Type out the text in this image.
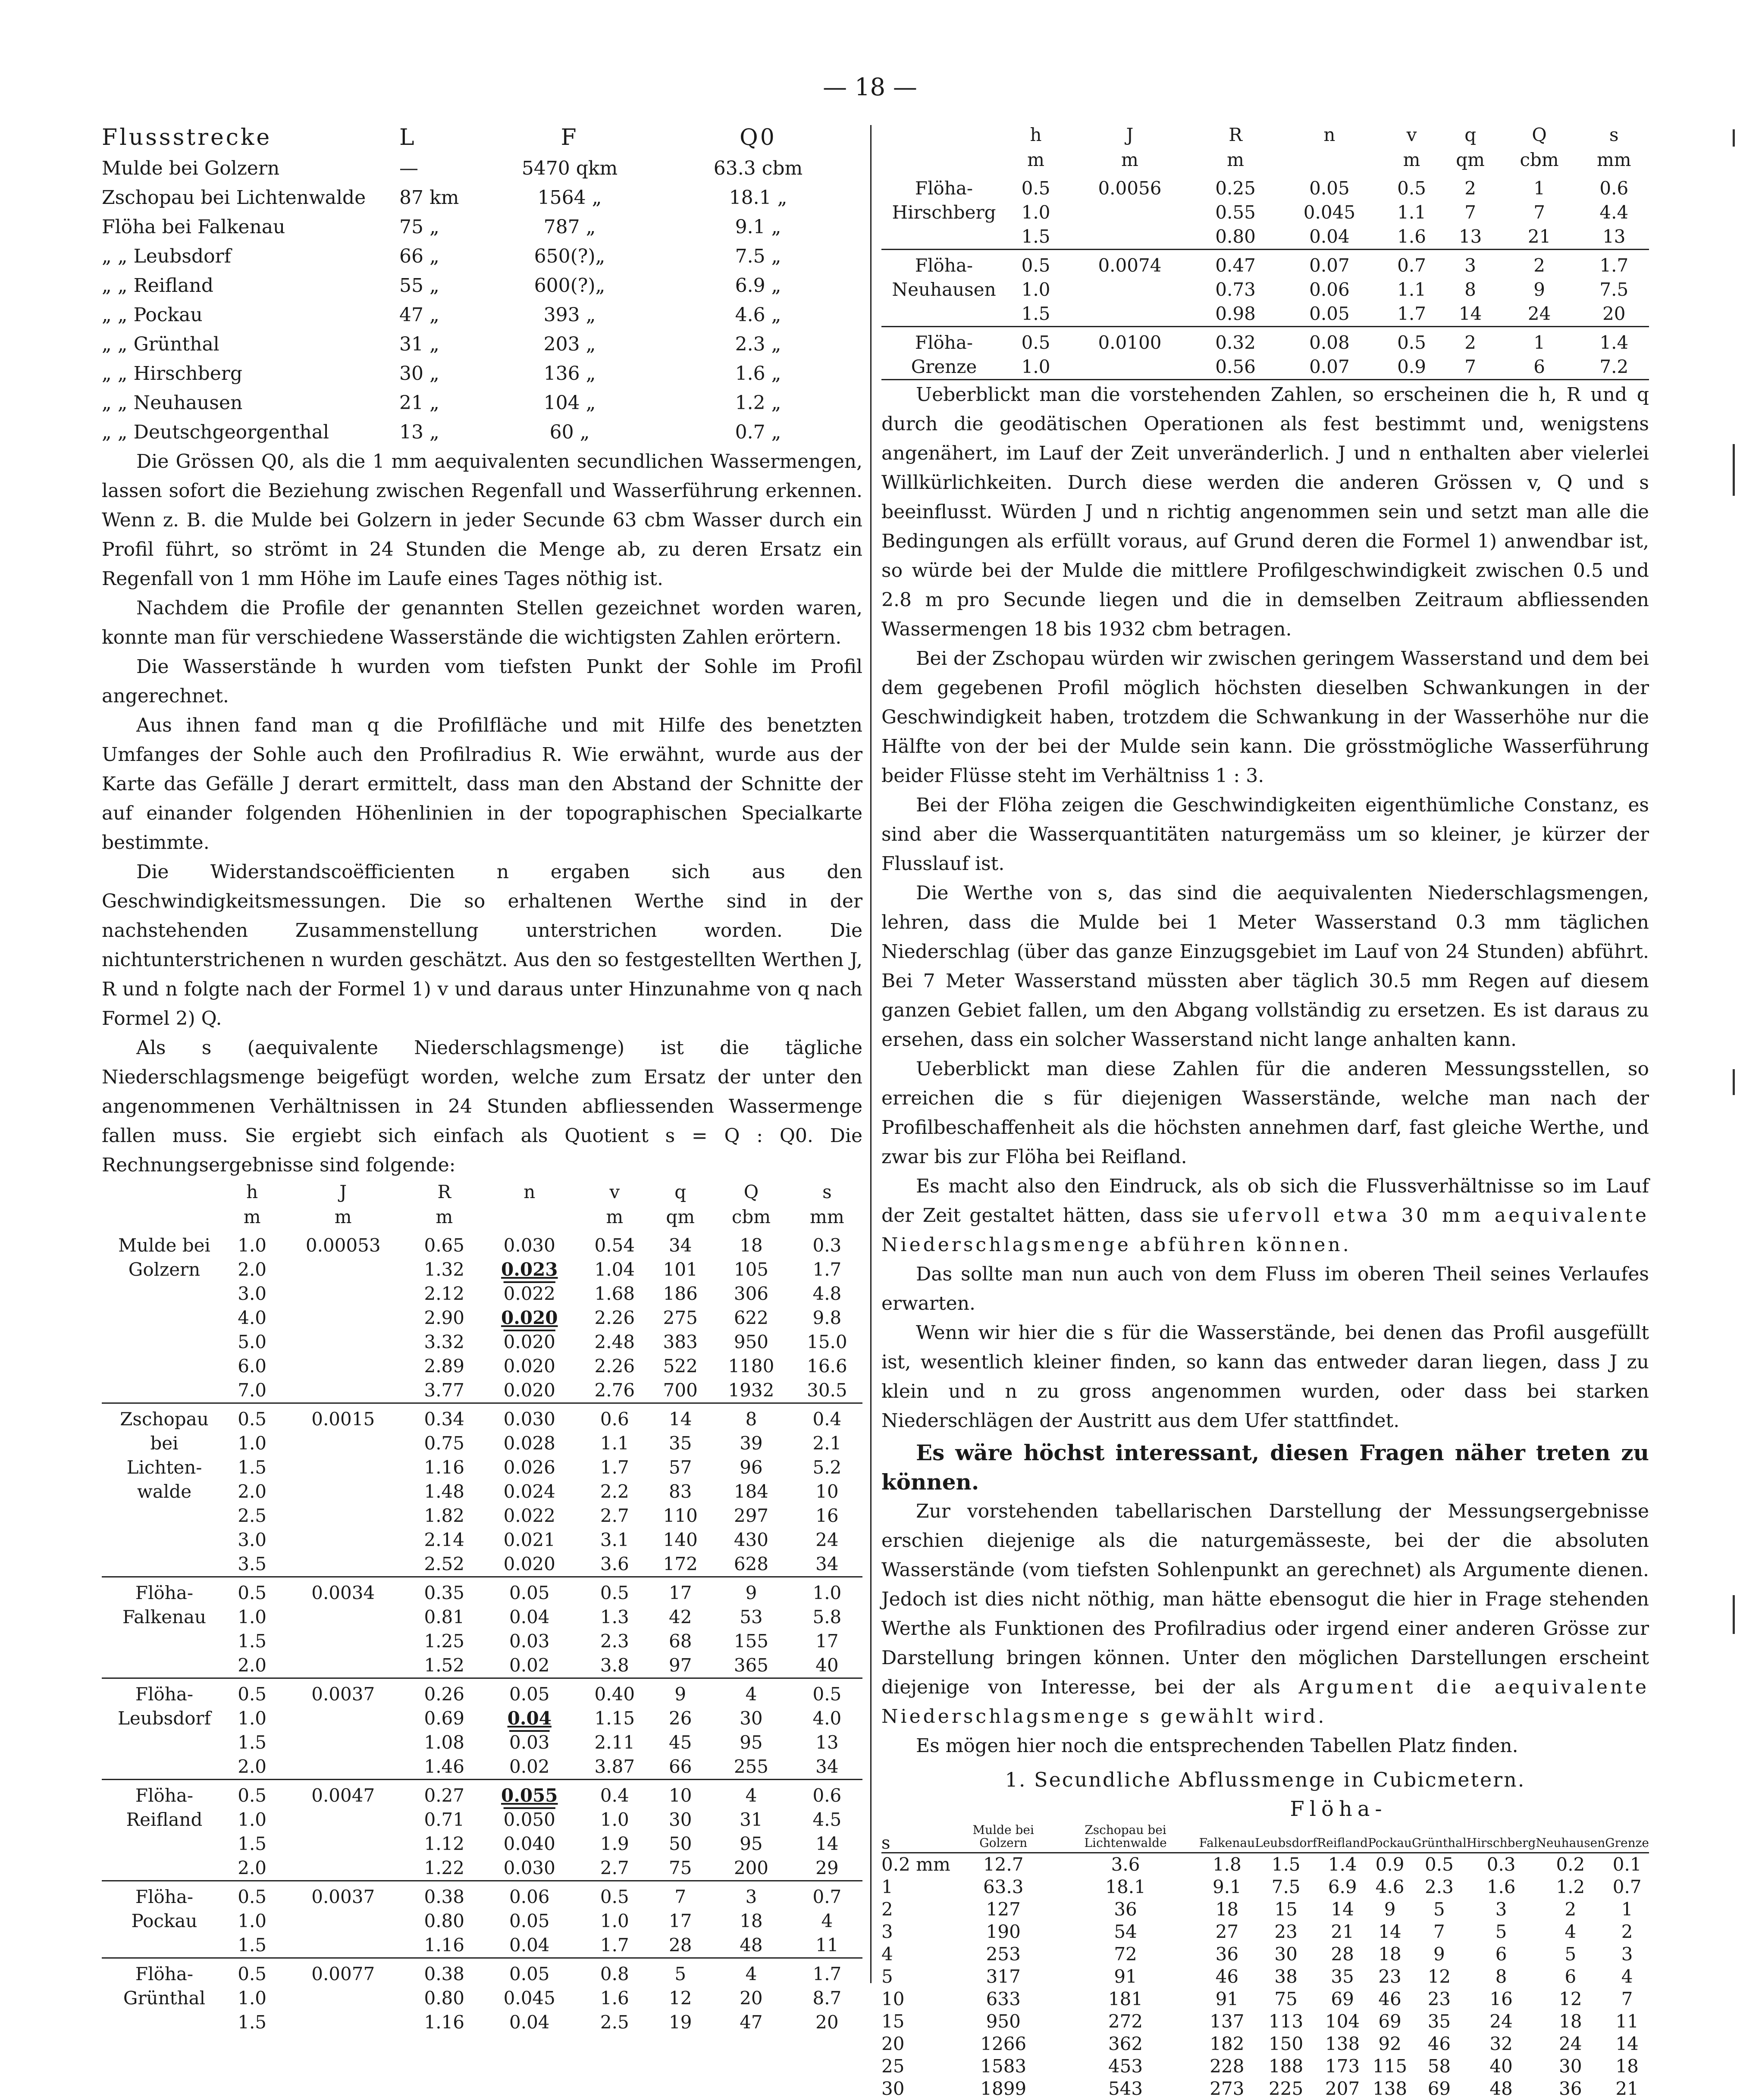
— 18 —
Flussstrecke	L	F	Q0
Mulde bei Golzern	—	5470 qkm	63.3 cbm
Zschopau bei Lichtenwalde	87 km	1564 „	18.1 „
Flöha bei Falkenau	75 „	787 „	9.1 „
„ „ Leubsdorf	66 „	650(?)„	7.5 „
„ „ Reifland	55 „	600(?)„	6.9 „
„ „ Pockau	47 „	393 „	4.6 „
„ „ Grünthal	31 „	203 „	2.3 „
„ „ Hirschberg	30 „	136 „	1.6 „
„ „ Neuhausen	21 „	104 „	1.2 „
„ „ Deutschgeorgenthal	13 „	60 „	0.7 „

Die Grössen Q0, als die 1 mm aequivalenten secundlichen Wassermengen, lassen sofort die Beziehung zwischen Regenfall und Wasserführung erkennen. Wenn z. B. die Mulde bei Golzern in jeder Secunde 63 cbm Wasser durch ein Profil führt, so strömt in 24 Stunden die Menge ab, zu deren Ersatz ein Regenfall von 1 mm Höhe im Laufe eines Tages nöthig ist.

Nachdem die Profile der genannten Stellen gezeichnet worden waren, konnte man für verschiedene Wasserstände die wichtigsten Zahlen erörtern.

Die Wasserstände h wurden vom tiefsten Punkt der Sohle im Profil angerechnet.

Aus ihnen fand man q die Profilfläche und mit Hilfe des benetzten Umfanges der Sohle auch den Profilradius R. Wie erwähnt, wurde aus der Karte das Gefälle J derart ermittelt, dass man den Abstand der Schnitte der auf einander folgenden Höhenlinien in der topographischen Specialkarte bestimmte.

Die Widerstandscoëfficienten n ergaben sich aus den Geschwindigkeitsmessungen. Die so erhaltenen Werthe sind in der nachstehenden Zusammenstellung unterstrichen worden. Die nichtunterstrichenen n wurden geschätzt. Aus den so festgestellten Werthen J, R und n folgte nach der Formel 1) v und daraus unter Hinzunahme von q nach Formel 2) Q.

Als s (aequivalente Niederschlagsmenge) ist die tägliche Niederschlagsmenge beigefügt worden, welche zum Ersatz der unter den angenommenen Verhältnissen in 24 Stunden abfliessenden Wassermenge fallen muss. Sie ergiebt sich einfach als Quotient s = Q : Q0. Die Rechnungsergebnisse sind folgende:

	h	J	R	n	v	q	Q	s
	m	m	m		m	qm	cbm	mm
Mulde bei	1.0	0.00053	0.65	0.030	0.54	34	18	0.3
Golzern	2.0		1.32	0.023	1.04	101	105	1.7
	3.0		2.12	0.022	1.68	186	306	4.8
	4.0		2.90	0.020	2.26	275	622	9.8
	5.0		3.32	0.020	2.48	383	950	15.0
	6.0		2.89	0.020	2.26	522	1180	16.6
	7.0		3.77	0.020	2.76	700	1932	30.5
Zschopau	0.5	0.0015	0.34	0.030	0.6	14	8	0.4
bei	1.0		0.75	0.028	1.1	35	39	2.1
Lichten-	1.5		1.16	0.026	1.7	57	96	5.2
walde	2.0		1.48	0.024	2.2	83	184	10
	2.5		1.82	0.022	2.7	110	297	16
	3.0		2.14	0.021	3.1	140	430	24
	3.5		2.52	0.020	3.6	172	628	34
Flöha-	0.5	0.0034	0.35	0.05	0.5	17	9	1.0
Falkenau	1.0		0.81	0.04	1.3	42	53	5.8
	1.5		1.25	0.03	2.3	68	155	17
	2.0		1.52	0.02	3.8	97	365	40
Flöha-	0.5	0.0037	0.26	0.05	0.40	9	4	0.5
Leubsdorf	1.0		0.69	0.04	1.15	26	30	4.0
	1.5		1.08	0.03	2.11	45	95	13
	2.0		1.46	0.02	3.87	66	255	34
Flöha-	0.5	0.0047	0.27	0.055	0.4	10	4	0.6
Reifland	1.0		0.71	0.050	1.0	30	31	4.5
	1.5		1.12	0.040	1.9	50	95	14
	2.0		1.22	0.030	2.7	75	200	29
Flöha-	0.5	0.0037	0.38	0.06	0.5	7	3	0.7
Pockau	1.0		0.80	0.05	1.0	17	18	4
	1.5		1.16	0.04	1.7	28	48	11
Flöha-	0.5	0.0077	0.38	0.05	0.8	5	4	1.7
Grünthal	1.0		0.80	0.045	1.6	12	20	8.7
	1.5		1.16	0.04	2.5	19	47	20
	h	J	R	n	v	q	Q	s
	m	m	m		m	qm	cbm	mm
Flöha-	0.5	0.0056	0.25	0.05	0.5	2	1	0.6
Hirschberg	1.0		0.55	0.045	1.1	7	7	4.4
	1.5		0.80	0.04	1.6	13	21	13
Flöha-	0.5	0.0074	0.47	0.07	0.7	3	2	1.7
Neuhausen	1.0		0.73	0.06	1.1	8	9	7.5
	1.5		0.98	0.05	1.7	14	24	20
Flöha-	0.5	0.0100	0.32	0.08	0.5	2	1	1.4
Grenze	1.0		0.56	0.07	0.9	7	6	7.2

Ueberblickt man die vorstehenden Zahlen, so erscheinen die h, R und q durch die geodätischen Operationen als fest bestimmt und, wenigstens angenähert, im Lauf der Zeit unveränderlich. J und n enthalten aber vielerlei Willkürlichkeiten. Durch diese werden die anderen Grössen v, Q und s beeinflusst. Würden J und n richtig angenommen sein und setzt man alle die Bedingungen als erfüllt voraus, auf Grund deren die Formel 1) anwendbar ist, so würde bei der Mulde die mittlere Profilgeschwindigkeit zwischen 0.5 und 2.8 m pro Secunde liegen und die in demselben Zeitraum abfliessenden Wassermengen 18 bis 1932 cbm betragen.

Bei der Zschopau würden wir zwischen geringem Wasserstand und dem bei dem gegebenen Profil möglich höchsten dieselben Schwankungen in der Geschwindigkeit haben, trotzdem die Schwankung in der Wasserhöhe nur die Hälfte von der bei der Mulde sein kann. Die grösstmögliche Wasserführung beider Flüsse steht im Verhältniss 1 : 3.

Bei der Flöha zeigen die Geschwindigkeiten eigenthümliche Constanz, es sind aber die Wasserquantitäten naturgemäss um so kleiner, je kürzer der Flusslauf ist.

Die Werthe von s, das sind die aequivalenten Niederschlagsmengen, lehren, dass die Mulde bei 1 Meter Wasserstand 0.3 mm täglichen Niederschlag (über das ganze Einzugsgebiet im Lauf von 24 Stunden) abführt. Bei 7 Meter Wasserstand müssten aber täglich 30.5 mm Regen auf diesem ganzen Gebiet fallen, um den Abgang vollständig zu ersetzen. Es ist daraus zu ersehen, dass ein solcher Wasserstand nicht lange anhalten kann.

Ueberblickt man diese Zahlen für die anderen Messungsstellen, so erreichen die s für diejenigen Wasserstände, welche man nach der Profilbeschaffenheit als die höchsten annehmen darf, fast gleiche Werthe, und zwar bis zur Flöha bei Reifland.

Es macht also den Eindruck, als ob sich die Flussverhältnisse so im Lauf der Zeit gestaltet hätten, dass sie ufervoll etwa 30 mm aequivalente Niederschlagsmenge abführen können.

Das sollte man nun auch von dem Fluss im oberen Theil seines Verlaufes erwarten.

Wenn wir hier die s für die Wasserstände, bei denen das Profil ausgefüllt ist, wesentlich kleiner finden, so kann das entweder daran liegen, dass J zu klein und n zu gross angenommen wurden, oder dass bei starken Niederschlägen der Austritt aus dem Ufer stattfindet.

Es wäre höchst interessant, diesen Fragen näher treten zu können.

Zur vorstehenden tabellarischen Darstellung der Messungsergebnisse erschien diejenige als die naturgemässeste, bei der die absoluten Wasserstände (vom tiefsten Sohlenpunkt an gerechnet) als Argumente dienen. Jedoch ist dies nicht nöthig, man hätte ebensogut die hier in Frage stehenden Werthe als Funktionen des Profilradius oder irgend einer anderen Grösse zur Darstellung bringen können. Unter den möglichen Darstellungen erscheint diejenige von Interesse, bei der als Argument die aequivalente Niederschlagsmenge s gewählt wird.

Es mögen hier noch die entsprechenden Tabellen Platz finden.

1. Secundliche Abflussmenge in Cubicmetern.
Flöha-
s	Mulde bei Golzern	Zschopau bei Lichtenwalde	Falkenau	Leubsdorf	Reifland	Pockau	Grünthal	Hirschberg	Neuhausen	Grenze
0.2 mm	12.7	3.6	1.8	1.5	1.4	0.9	0.5	0.3	0.2	0.1
1	63.3	18.1	9.1	7.5	6.9	4.6	2.3	1.6	1.2	0.7
2	127	36	18	15	14	9	5	3	2	1
3	190	54	27	23	21	14	7	5	4	2
4	253	72	36	30	28	18	9	6	5	3
5	317	91	46	38	35	23	12	8	6	4
10	633	181	91	75	69	46	23	16	12	7
15	950	272	137	113	104	69	35	24	18	11
20	1266	362	182	150	138	92	46	32	24	14
25	1583	453	228	188	173	115	58	40	30	18
30	1899	543	273	225	207	138	69	48	36	21
